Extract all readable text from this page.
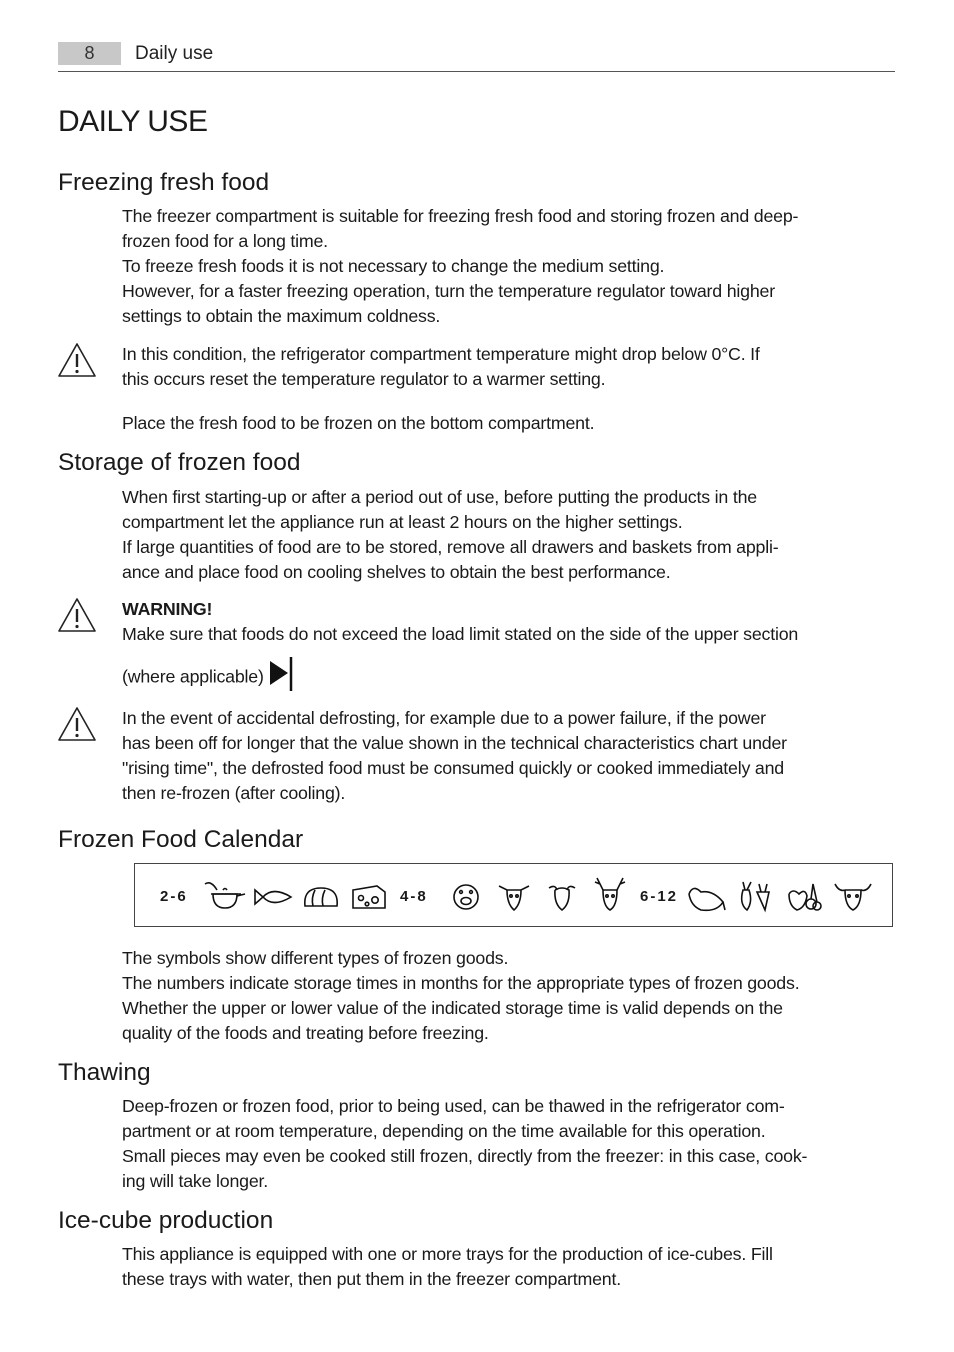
8	Daily use
DAILY USE
Freezing fresh food
The freezer compartment is suitable for freezing fresh food and storing frozen and deep-
frozen food for a long time.
To freeze fresh foods it is not necessary to change the medium setting.
However, for a faster freezing operation, turn the temperature regulator toward higher
settings to obtain the maximum coldness.
In this condition, the refrigerator compartment temperature might drop below 0°C. If
this occurs reset the temperature regulator to a warmer setting.
Place the fresh food to be frozen on the bottom compartment.
Storage of frozen food
When first starting-up or after a period out of use, before putting the products in the
compartment let the appliance run at least 2 hours on the higher settings.
If large quantities of food are to be stored, remove all drawers and baskets from appli-
ance and place food on cooling shelves to obtain the best performance.
WARNING!
Make sure that foods do not exceed the load limit stated on the side of the upper section
(where applicable)
In the event of accidental defrosting, for example due to a power failure, if the power
has been off for longer that the value shown in the technical characteristics chart under
"rising time", the defrosted food must be consumed quickly or cooked immediately and
then re-frozen (after cooling).
Frozen Food Calendar
2-6	4-8	6-12
The symbols show different types of frozen goods.
The numbers indicate storage times in months for the appropriate types of frozen goods.
Whether the upper or lower value of the indicated storage time is valid depends on the
quality of the foods and treating before freezing.
Thawing
Deep-frozen or frozen food, prior to being used, can be thawed in the refrigerator com-
partment or at room temperature, depending on the time available for this operation.
Small pieces may even be cooked still frozen, directly from the freezer: in this case, cook-
ing will take longer.
Ice-cube production
This appliance is equipped with one or more trays for the production of ice-cubes. Fill
these trays with water, then put them in the freezer compartment.
